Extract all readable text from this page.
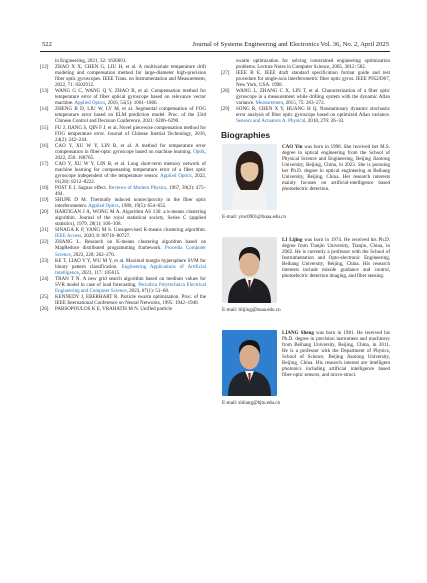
522	Journal of Systems Engineering and Electronics Vol. 36, No. 2, April 2025

in Engineering, 2021, 32: 1636001.

[12] ZHAO X X, CHEN G, LIU H, et al. A multivariate temperature drift modeling and compensation method for large-diameter high-precision fiber optic gyroscopes. IEEE Trans. on Instrumentation and Measurement, 2022, 71: 8502912.

[13] WANG G C, WANG Q Y, ZHAO B, et al. Compensation method for temperature error of fiber optical gyroscope based on relevance vector machine. Applied Optics, 2016, 55(5): 1061–1066.

[14] ZHENG B D, LIU W, LV M, et al. Segmental compensation of FOG temperature error based on ELM prediction model. Proc. of the 33rd Chinese Control and Decision Conference, 2021: 6286–6290.

[15] FU J, JIANG S, QIN F J, et al. Novel piecewise compensation method for FOG temperature error. Journal of Chinese Inertial Technology, 2016, 24(2): 242–244.

[16] CAO Y, XU W Y, LIN B, et al. A method for temperature error compensation in fiber-optic gyroscope based on machine learning. Optik, 2022, 256: 168765.

[17] CAO Y, XU W Y, LIN B, et al. Long short-term memory network of machine learning for compensating temperature error of a fiber optic gyroscope independent of the temperature sensor. Applied Optics, 2022, 61(28): 8212–8222.

[18] POST E J. Sagnac effect. Reviews of Modern Physics, 1967, 39(2): 475–494.

[19] SHUPE D M. Thermally induced nonreciprocity in the fiber optic interferometers. Applied Optics, 1980, 19(5): 654–655.

[20] HARTIGAN J A, WONG M A. Algorithm AS 136: a k-means clustering algorithm. Journal of the royal statistical society, Series C (applied statistics), 1979, 28(1): 100–108.

[21] SINAGA K P, YANG M S. Unsupervised K-means clustering algorithm. IEEE Access, 2020, 8: 80716–80727.

[22] ZHANG L. Research on K-means clustering algorithm based on MapReduce distributed programming framework. Procedia Computer Science, 2023, 228: 262–270.

[23] KE T, LIAO Y Y, WU M Y, et al. Maximal margin hypersphere SVM for binary pattern classification. Engineering Applications of Artificial Intelligence, 2023, 117: 105615.

[24] TRAN T N. A new grid search algorithm based on medium values for SVR model in case of load forecasting. Periodica Polytechnica Electrical Engineering and Computer Science, 2023, 67(1): 51–60.

[25] KENNEDY J, EBERHART R. Particle swarm optimization. Proc. of the IEEE International Conference on Neural Networks, 1995: 1942–1948.

[26] PARSOPOULOS K E, VRAHATIS M N. Unified particle

swarm optimization for solving constrained engineering optimization problems. Lecture Notes in Computer Science, 2005, 3612: 582.

[27] IEEE B E. IEEE draft standard specification format guide and test procedure for single-axis interferometric fiber optic gyros. IEEE P952/D07, New York, USA. 1998.

[28] WANG L, ZHANG C X, LIN T, et al. Characterization of a fiber optic gyroscope in a measurement while drilling system with the dynamic Allan variance. Measurement, 2015, 75: 263–272.

[29] SONG R, CHEN X Y, HUANG H Q. Nonstationary dynamic stochastic error analysis of fiber optic gyroscope based on optimized Allan variance. Sensors and Actuators A: Physical, 2018, 276: 26–33.

Biographies
CAO Yin was born in 1998. She received her M.S. degree in optical engineering from the School of Physical Science and Engineering, Beijing Jiaotong University, Beijing, China, in 2023. She is pursuing her Ph.D. degree in optical engineering at Beihang University, Beijing, China. Her research interests mainly focuses on artificial-intelligence based photoelectric detection.
E-mail: yinc0901@buaa.edu.cn
LI Lijing was born in 1974. He received his Ph.D. degree from Tianjin University, Tianjin, China, in 2002. He is currently a professor with the School of Instrumentation and Opto-electronic Engineering, Beihang University, Beijing, China. His research interests include missile guidance and control, photoelectric detection imaging, and fiber sensing.
E-mail: lilijing@buaa.edu.cn
LIANG Sheng was born in 1981. He received his Ph.D. degree in precision instrument and machinery from Beihang University, Beijing, China, in 2011. He is a professor with the Department of Physics, School of Science, Beijing Jiaotong University, Beijing, China. His research interest are intelligent photonics including artificial intelligence based fiber-optic sensors, and micro-struct.
E-mail: shliang@bjtu.edu.cn
